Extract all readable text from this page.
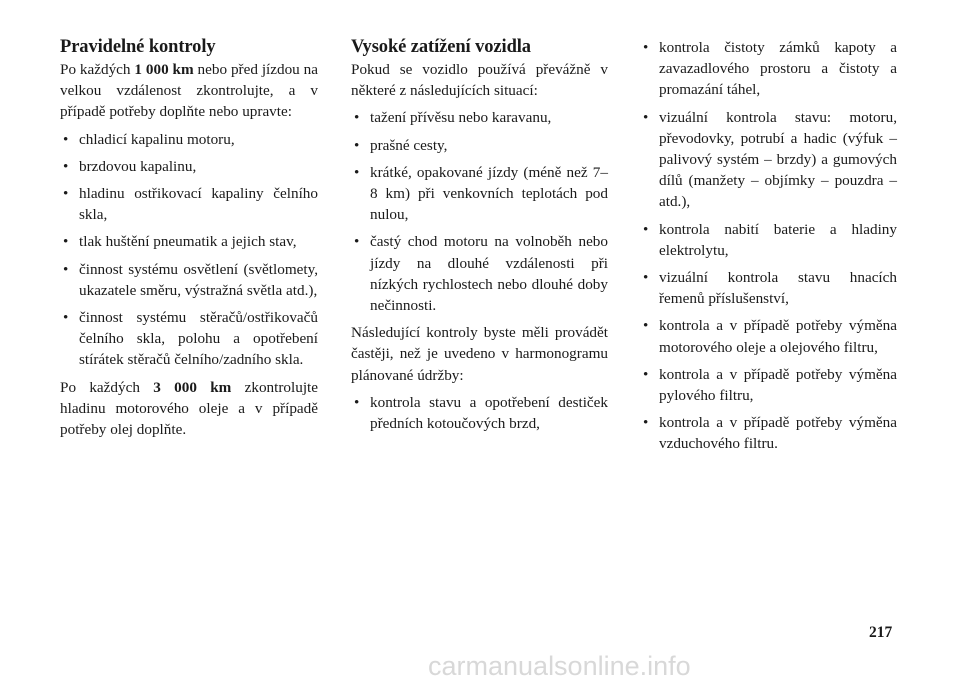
Pravidelné kontroly

Po každých 1 000 km nebo před jízdou na velkou vzdálenost zkontrolujte, a v případě potřeby doplňte nebo upravte:

• chladicí kapalinu motoru,
• brzdovou kapalinu,
• hladinu ostřikovací kapaliny čelního skla,
• tlak huštění pneumatik a jejich stav,
• činnost systému osvětlení (světlomety, ukazatele směru, výstražná světla atd.),
• činnost systému stěračů/ostřikovačů čelního skla, polohu a opotřebení stírátek stěračů čelního/zadního skla.

Po každých 3 000 km zkontrolujte hladinu motorového oleje a v případě potřeby olej doplňte.

Vysoké zatížení vozidla

Pokud se vozidlo používá převážně v některé z následujících situací:

• tažení přívěsu nebo karavanu,
• prašné cesty,
• krátké, opakované jízdy (méně než 7–8 km) při venkovních teplotách pod nulou,
• častý chod motoru na volnoběh nebo jízdy na dlouhé vzdálenosti při nízkých rychlostech nebo dlouhé doby nečinnosti.

Následující kontroly byste měli provádět častěji, než je uvedeno v harmonogramu plánované údržby:

• kontrola stavu a opotřebení destiček předních kotoučových brzd,
• kontrola čistoty zámků kapoty a zavazadlového prostoru a čistoty a promazání táhel,
• vizuální kontrola stavu: motoru, převodovky, potrubí a hadic (výfuk – palivový systém – brzdy) a gumových dílů (manžety – objímky – pouzdra – atd.),
• kontrola nabití baterie a hladiny elektrolytu,
• vizuální kontrola stavu hnacích řemenů příslušenství,
• kontrola a v případě potřeby výměna motorového oleje a olejového filtru,
• kontrola a v případě potřeby výměna pylového filtru,
• kontrola a v případě potřeby výměna vzduchového filtru.
217
carmanualsonline.info
